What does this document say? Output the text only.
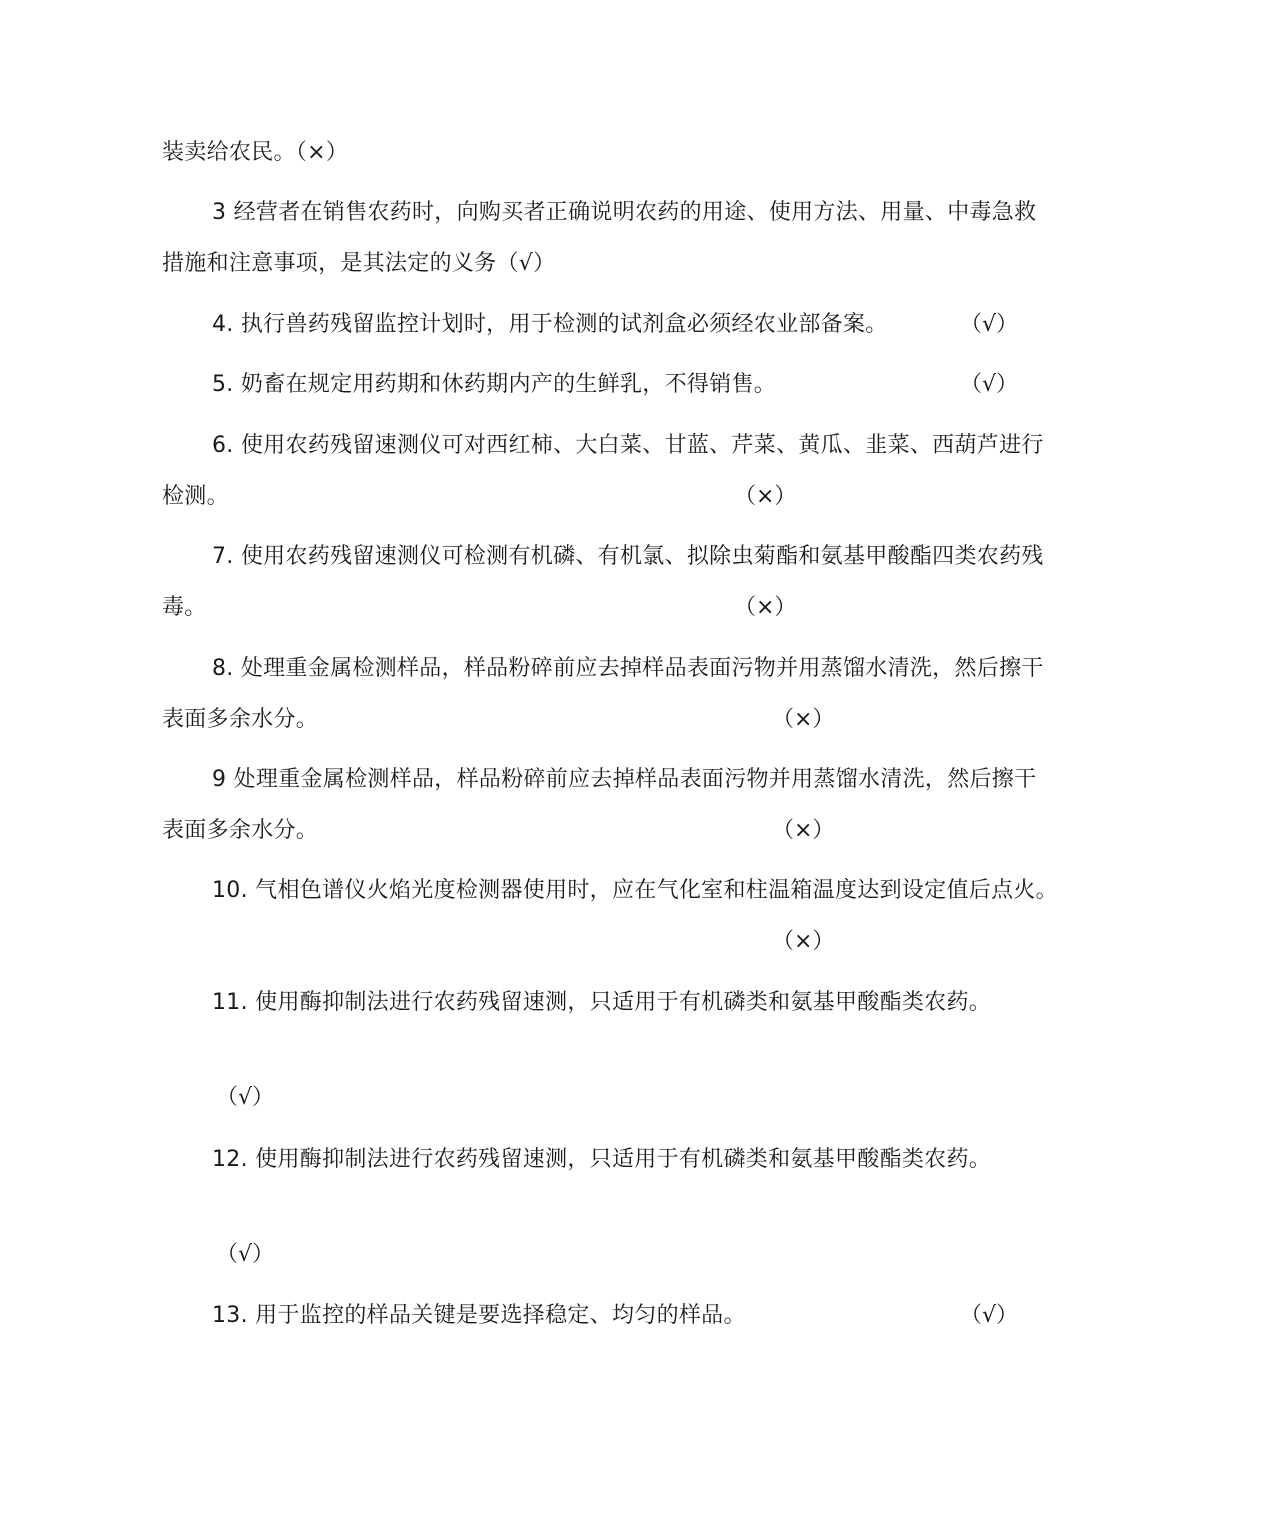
装卖给农民。（×）
3 经营者在销售农药时，向购买者正确说明农药的用途、使用方法、用量、中毒急救
措施和注意事项，是其法定的义务（√）
4. 执行兽药残留监控计划时，用于检测的试剂盒必须经农业部备案。	（√）
5. 奶畜在规定用药期和休药期内产的生鲜乳，不得销售。	（√）
6. 使用农药残留速测仪可对西红柿、大白菜、甘蓝、芹菜、黄瓜、韭菜、西葫芦进行
检测。	（×）
7. 使用农药残留速测仪可检测有机磷、有机氯、拟除虫菊酯和氨基甲酸酯四类农药残
毒。	（×）
8. 处理重金属检测样品，样品粉碎前应去掉样品表面污物并用蒸馏水清洗，然后擦干
表面多余水分。	（×）
9 处理重金属检测样品，样品粉碎前应去掉样品表面污物并用蒸馏水清洗，然后擦干
表面多余水分。	（×）
10. 气相色谱仪火焰光度检测器使用时，应在气化室和柱温箱温度达到设定值后点火。
（×）
11. 使用酶抑制法进行农药残留速测，只适用于有机磷类和氨基甲酸酯类农药。
（√）
12. 使用酶抑制法进行农药残留速测，只适用于有机磷类和氨基甲酸酯类农药。
（√）
13. 用于监控的样品关键是要选择稳定、均匀的样品。	（√）
